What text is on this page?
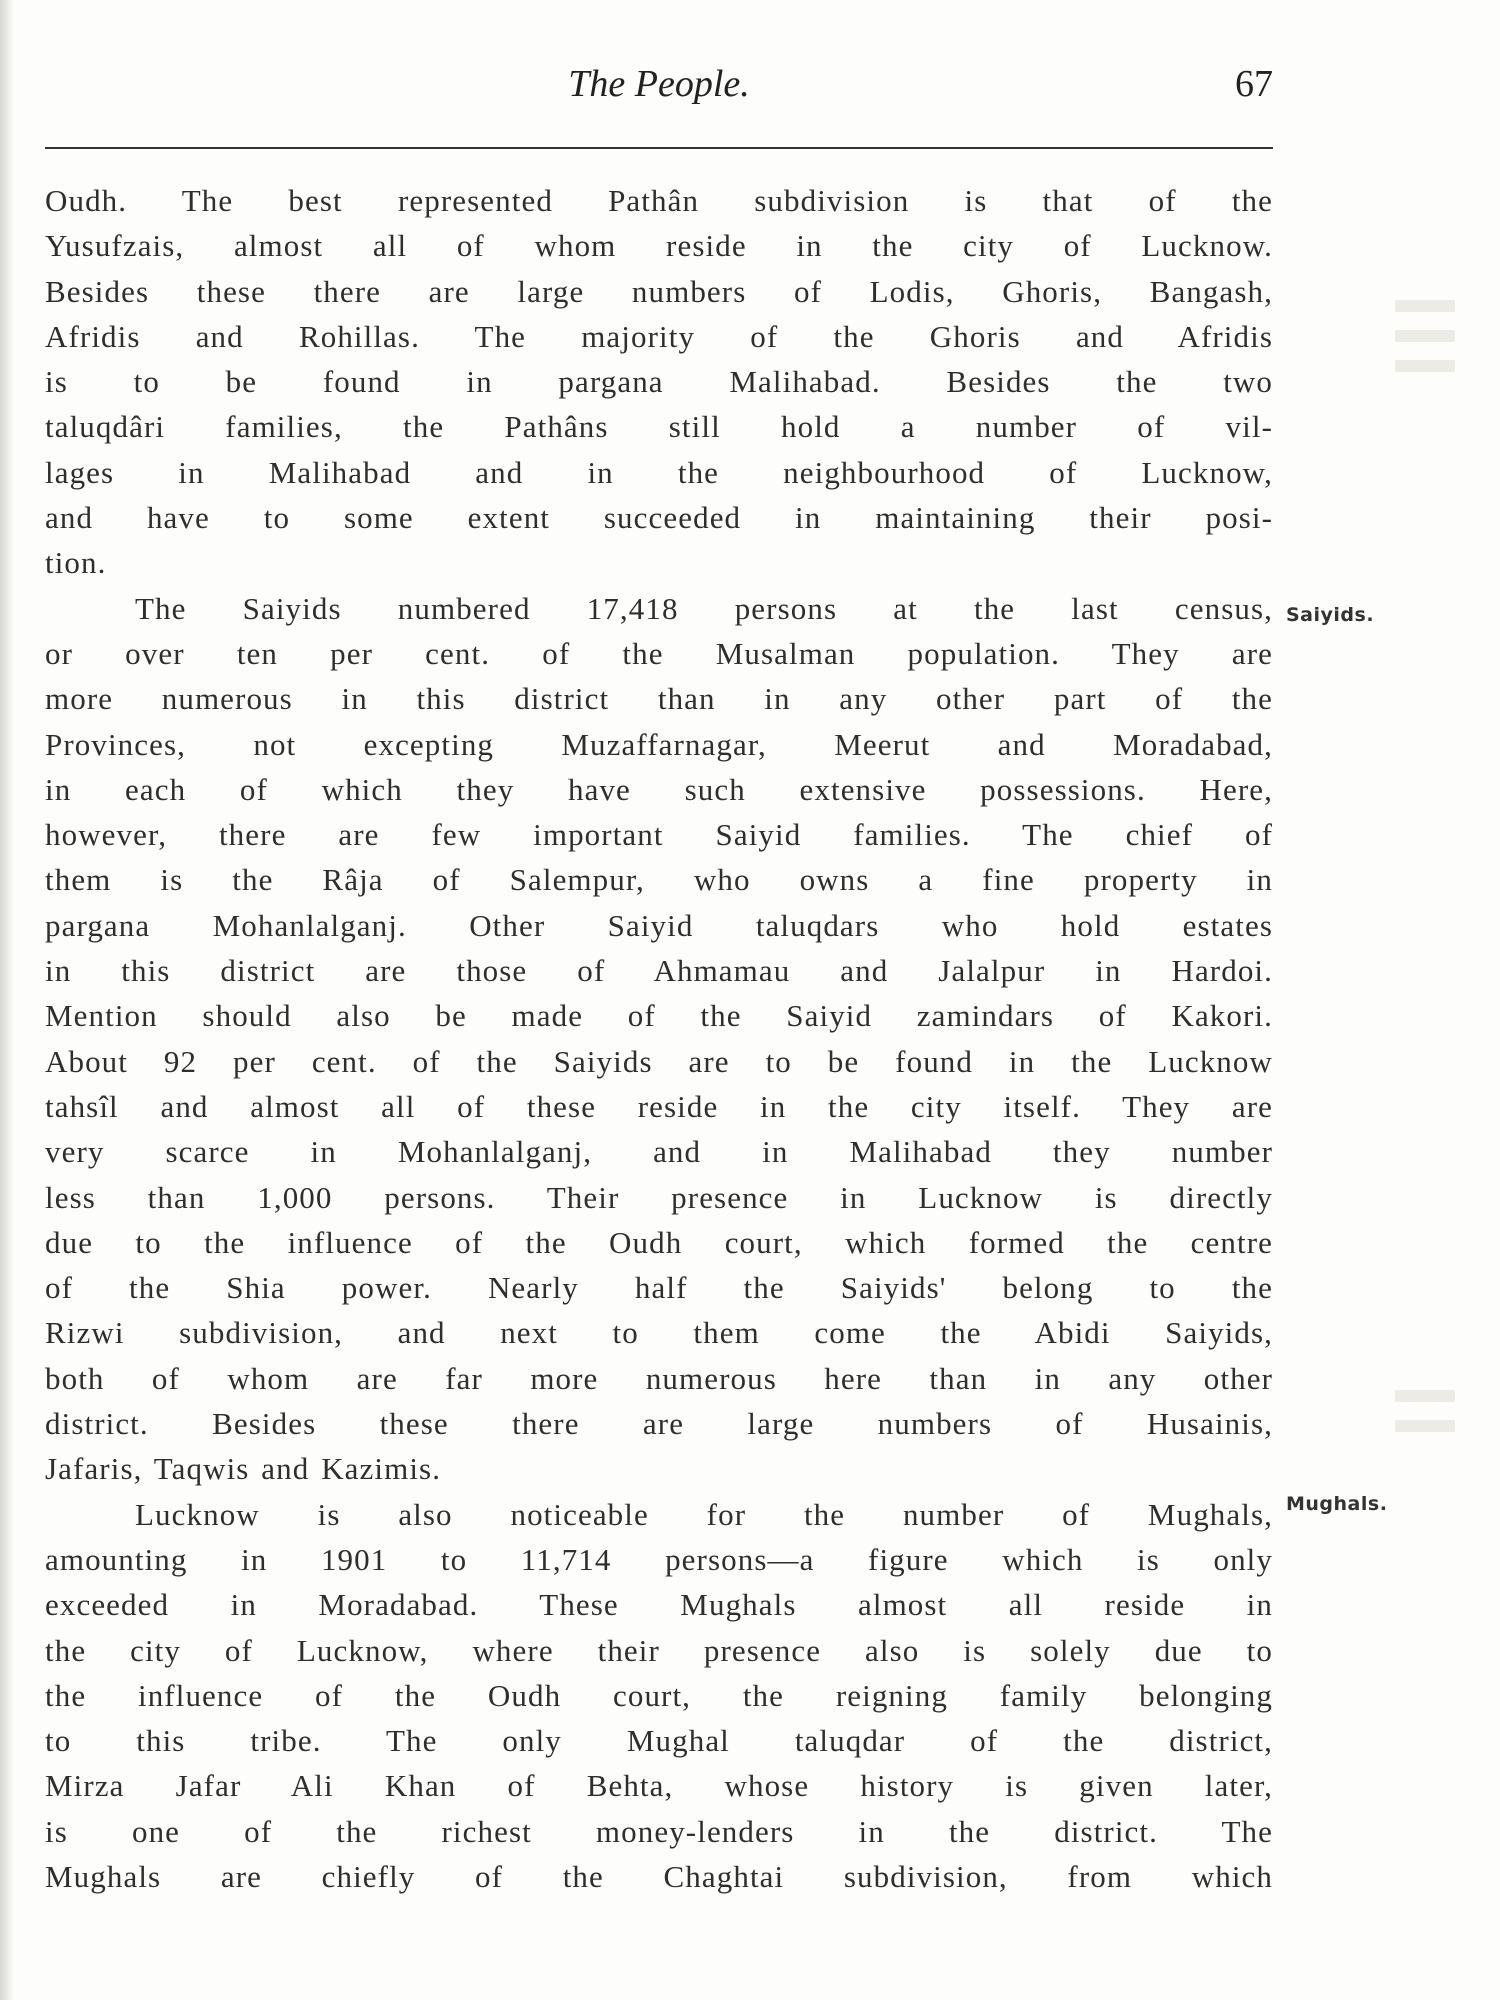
The People.	67
Oudh. The best represented Pathân subdivision is that of the
Yusufzais, almost all of whom reside in the city of Lucknow.
Besides these there are large numbers of Lodis, Ghoris, Bangash,
Afridis and Rohillas. The majority of the Ghoris and Afridis
is to be found in pargana Malihabad. Besides the two
taluqdâri families, the Pathâns still hold a number of vil-
lages in Malihabad and in the neighbourhood of Lucknow,
and have to some extent succeeded in maintaining their posi-
tion.
The Saiyids numbered 17,418 persons at the last census,
or over ten per cent. of the Musalman population. They are
more numerous in this district than in any other part of the
Provinces, not excepting Muzaffarnagar, Meerut and Moradabad,
in each of which they have such extensive possessions. Here,
however, there are few important Saiyid families. The chief of
them is the Râja of Salempur, who owns a fine property in
pargana Mohanlalganj. Other Saiyid taluqdars who hold estates
in this district are those of Ahmamau and Jalalpur in Hardoi.
Mention should also be made of the Saiyid zamindars of Kakori.
About 92 per cent. of the Saiyids are to be found in the Lucknow
tahsîl and almost all of these reside in the city itself. They are
very scarce in Mohanlalganj, and in Malihabad they number
less than 1,000 persons. Their presence in Lucknow is directly
due to the influence of the Oudh court, which formed the centre
of the Shia power. Nearly half the Saiyids' belong to the
Rizwi subdivision, and next to them come the Abidi Saiyids,
both of whom are far more numerous here than in any other
district. Besides these there are large numbers of Husainis,
Jafaris, Taqwis and Kazimis.
Lucknow is also noticeable for the number of Mughals,
amounting in 1901 to 11,714 persons—a figure which is only
exceeded in Moradabad. These Mughals almost all reside in
the city of Lucknow, where their presence also is solely due to
the influence of the Oudh court, the reigning family belonging
to this tribe. The only Mughal taluqdar of the district,
Mirza Jafar Ali Khan of Behta, whose history is given later,
is one of the richest money-lenders in the district. The
Mughals are chiefly of the Chaghtai subdivision, from which
Saiyids.
Mughals.
